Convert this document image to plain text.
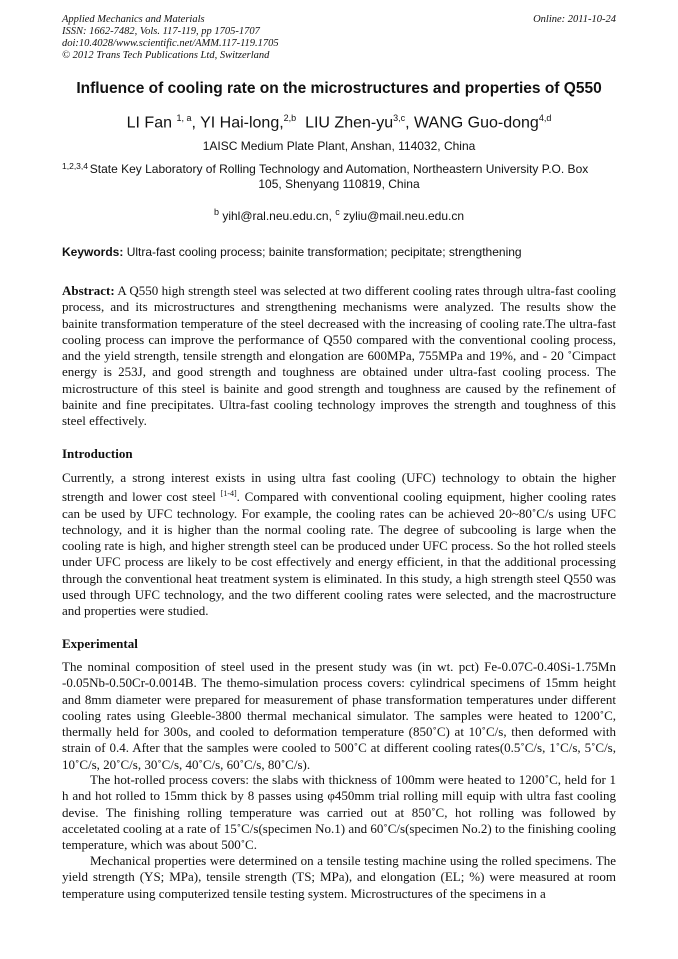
Applied Mechanics and Materials
ISSN: 1662-7482, Vols. 117-119, pp 1705-1707
doi:10.4028/www.scientific.net/AMM.117-119.1705
© 2012 Trans Tech Publications Ltd, Switzerland
Online: 2011-10-24
Influence of cooling rate on the microstructures and properties of Q550
LI Fan $^{1, a}$, YI Hai-long,$^{2,b}$ LIU Zhen-yu$^{3,c}$, WANG Guo-dong$^{4,d}$
1AISC Medium Plate Plant, Anshan, 114032, China
1,2,3,4 State Key Laboratory of Rolling Technology and Automation, Northeastern University P.O. Box
105, Shenyang 110819, China
$^b$ yihl@ral.neu.edu.cn, $^c$ zyliu@mail.neu.edu.cn
Keywords: Ultra-fast cooling process; bainite transformation; pecipitate; strengthening
Abstract: A Q550 high strength steel was selected at two different cooling rates through ultra-fast cooling process, and its microstructures and strengthening mechanisms were analyzed. The results show the bainite transformation temperature of the steel decreased with the increasing of cooling rate.The ultra-fast cooling process can improve the performance of Q550 compared with the conventional cooling process, and the yield strength, tensile strength and elongation are 600MPa, 755MPa and 19%, and - 20 ˚Cimpact energy is 253J, and good strength and toughness are obtained under ultra-fast cooling process. The microstructure of this steel is bainite and good strength and toughness are caused by the refinement of bainite and fine precipitates. Ultra-fast cooling technology improves the strength and toughness of this steel effectively.
Introduction
Currently, a strong interest exists in using ultra fast cooling (UFC) technology to obtain the higher strength and lower cost steel [1-4]. Compared with conventional cooling equipment, higher cooling rates can be used by UFC technology. For example, the cooling rates can be achieved 20~80˚C/s using UFC technology, and it is higher than the normal cooling rate. The degree of subcooling is large when the cooling rate is high, and higher strength steel can be produced under UFC process. So the hot rolled steels under UFC process are likely to be cost effectively and energy efficient, in that the additional processing through the conventional heat treatment system is eliminated. In this study, a high strength steel Q550 was used through UFC technology, and the two different cooling rates were selected, and the macrostructure and properties were studied.
Experimental
The nominal composition of steel used in the present study was (in wt. pct) Fe-0.07C-0.40Si-1.75Mn -0.05Nb-0.50Cr-0.0014B. The themo-simulation process covers: cylindrical specimens of 15mm height and 8mm diameter were prepared for measurement of phase transformation temperatures under different cooling rates using Gleeble-3800 thermal mechanical simulator. The samples were heated to 1200˚C, thermally held for 300s, and cooled to deformation temperature (850˚C) at 10˚C/s, then deformed with strain of 0.4. After that the samples were cooled to 500˚C at different cooling rates(0.5˚C/s, 1˚C/s, 5˚C/s, 10˚C/s, 20˚C/s, 30˚C/s, 40˚C/s, 60˚C/s, 80˚C/s).
The hot-rolled process covers: the slabs with thickness of 100mm were heated to 1200˚C, held for 1 h and hot rolled to 15mm thick by 8 passes using φ450mm trial rolling mill equip with ultra fast cooling devise. The finishing rolling temperature was carried out at 850˚C, hot rolling was followed by acceletated cooling at a rate of 15˚C/s(specimen No.1) and 60˚C/s(specimen No.2) to the finishing cooling temperature, which was about 500˚C.
Mechanical properties were determined on a tensile testing machine using the rolled specimens. The yield strength (YS; MPa), tensile strength (TS; MPa), and elongation (EL; %) were measured at room temperature using computerized tensile testing system. Microstructures of the specimens in a
